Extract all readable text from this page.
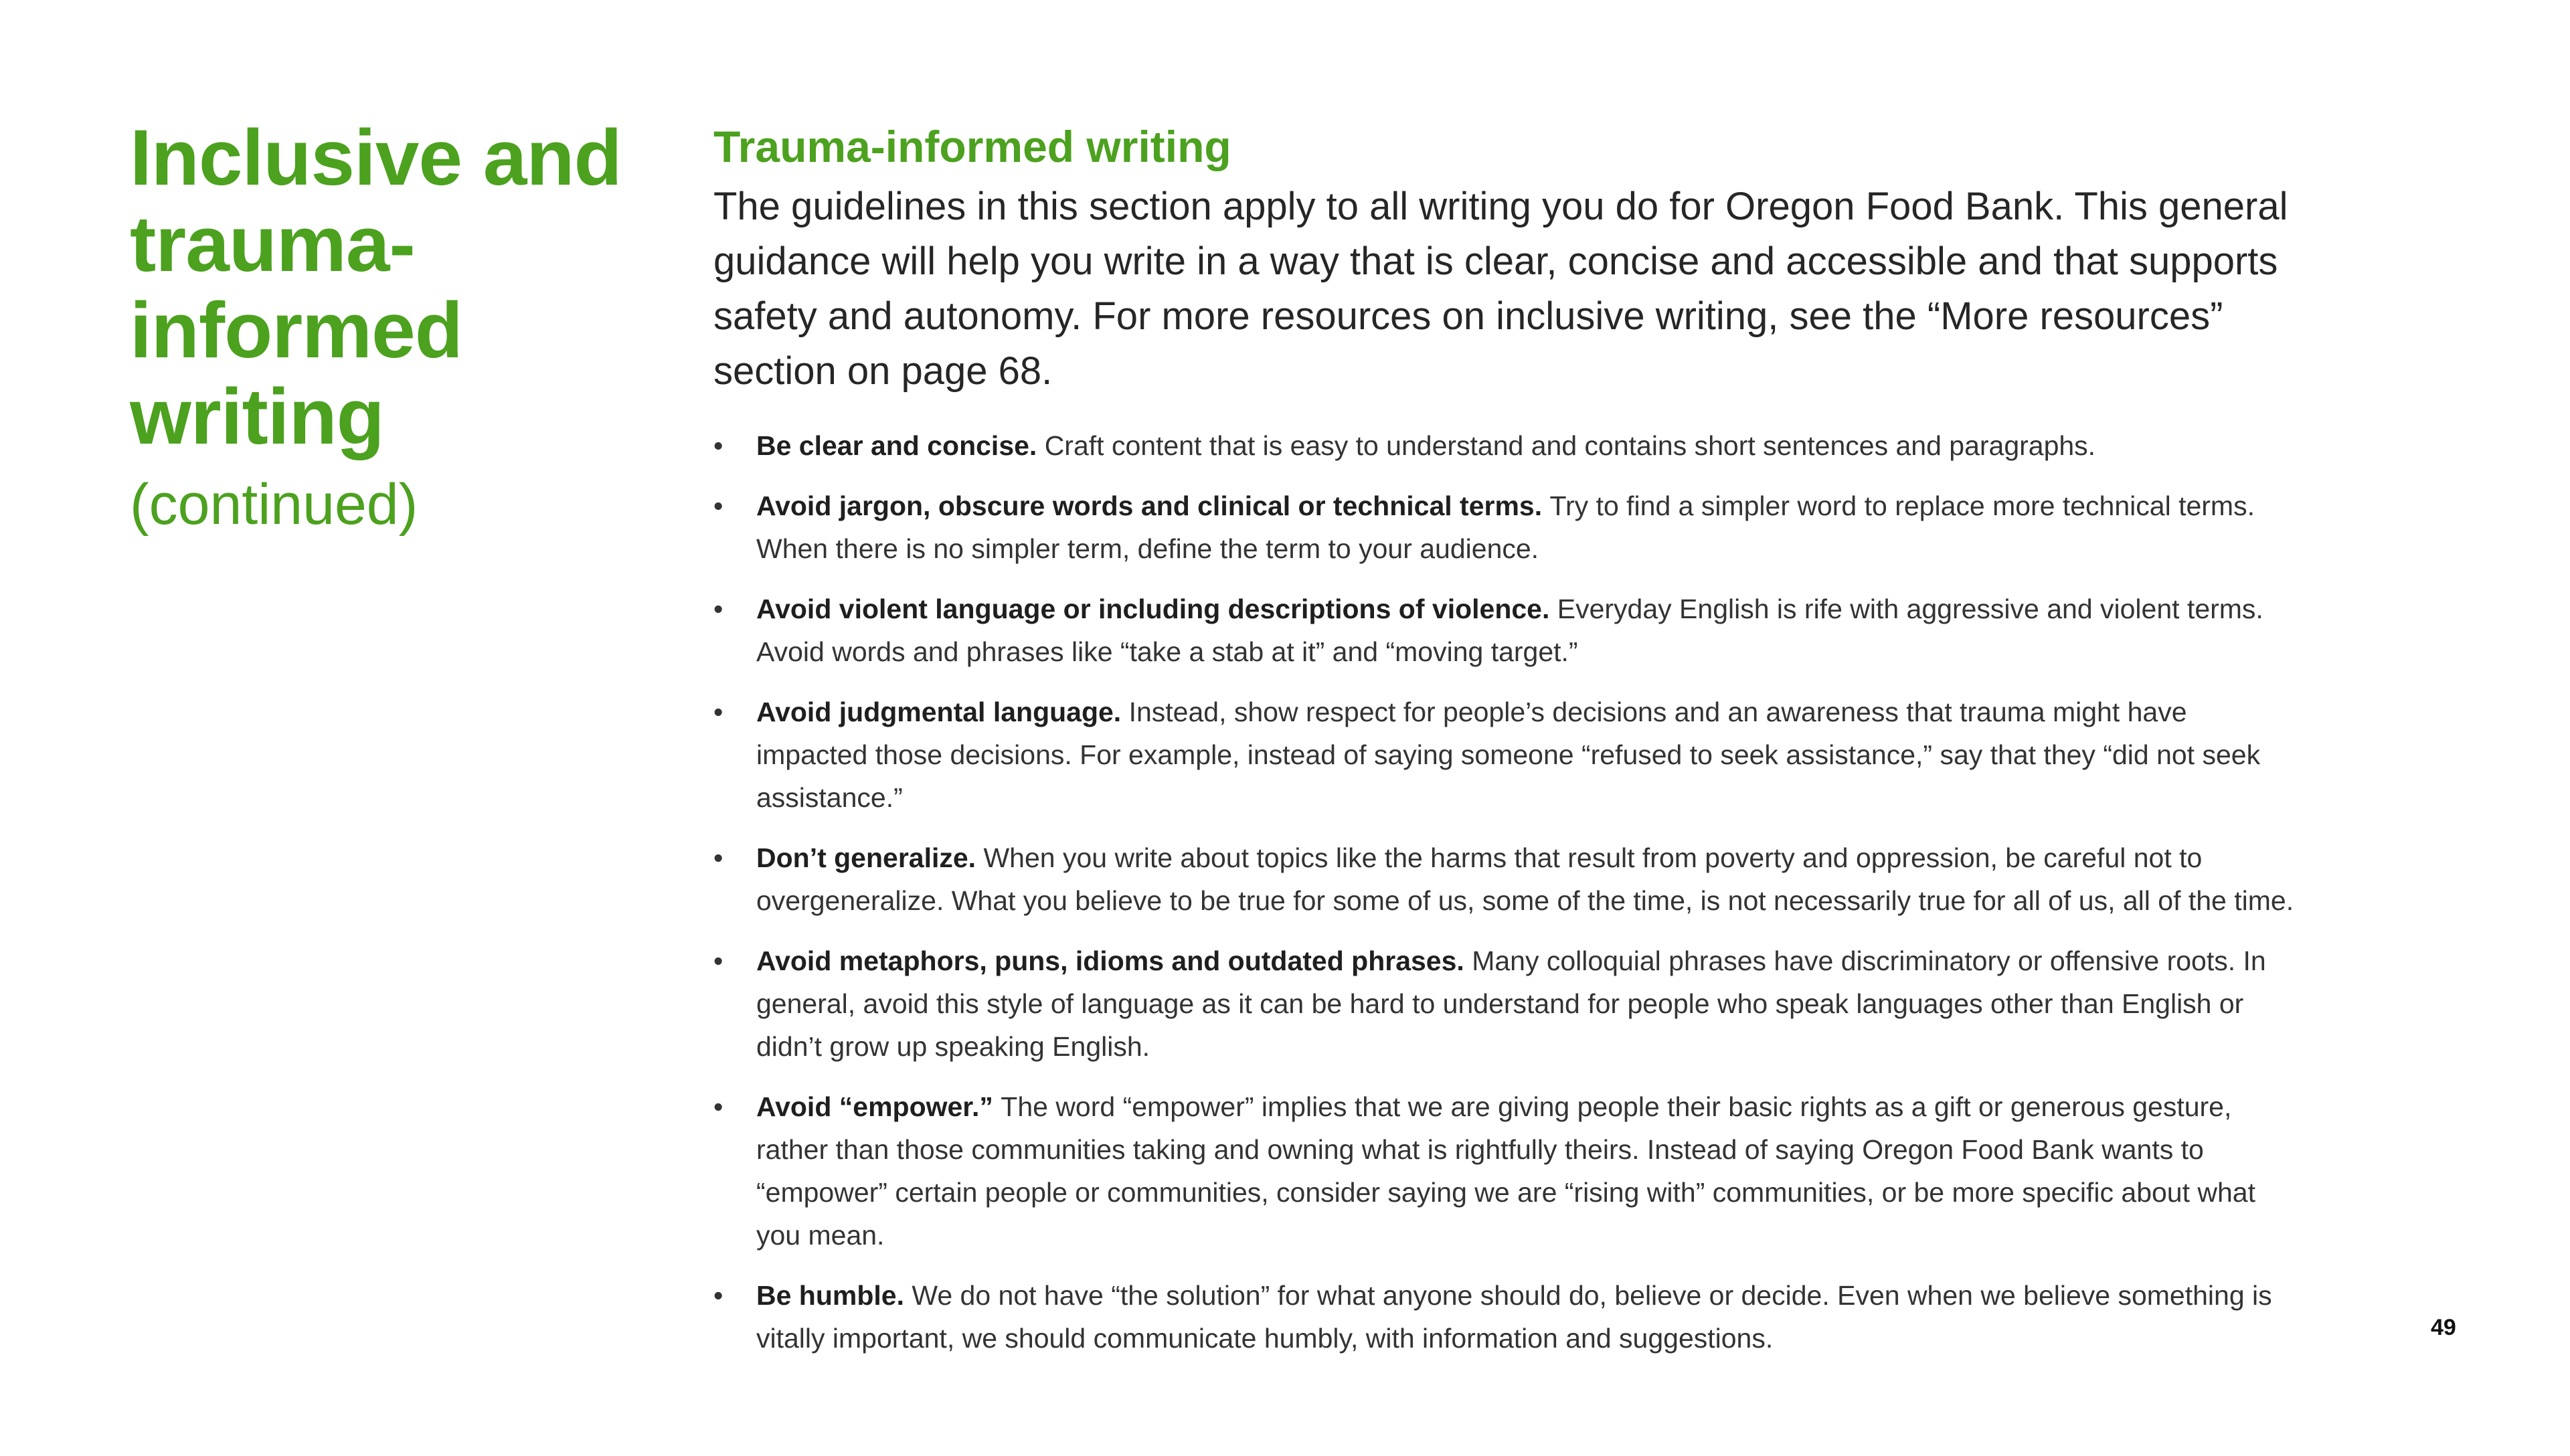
Inclusive and trauma-informed writing
(continued)
Trauma-informed writing

The guidelines in this section apply to all writing you do for Oregon Food Bank. This general guidance will help you write in a way that is clear, concise and accessible and that supports safety and autonomy. For more resources on inclusive writing, see the “More resources” section on page 68.

•	Be clear and concise. Craft content that is easy to understand and contains short sentences and paragraphs.
•	Avoid jargon, obscure words and clinical or technical terms. Try to find a simpler word to replace more technical terms. When there is no simpler term, define the term to your audience.
•	Avoid violent language or including descriptions of violence. Everyday English is rife with aggressive and violent terms. Avoid words and phrases like “take a stab at it” and “moving target.”
•	Avoid judgmental language. Instead, show respect for people’s decisions and an awareness that trauma might have impacted those decisions. For example, instead of saying someone “refused to seek assistance,” say that they “did not seek assistance.”
•	Don’t generalize. When you write about topics like the harms that result from poverty and oppression, be careful not to overgeneralize. What you believe to be true for some of us, some of the time, is not necessarily true for all of us, all of the time.
•	Avoid metaphors, puns, idioms and outdated phrases. Many colloquial phrases have discriminatory or offensive roots. In general, avoid this style of language as it can be hard to understand for people who speak languages other than English or didn’t grow up speaking English.
•	Avoid “empower.” The word “empower” implies that we are giving people their basic rights as a gift or generous gesture, rather than those communities taking and owning what is rightfully theirs. Instead of saying Oregon Food Bank wants to “empower” certain people or communities, consider saying we are “rising with” communities, or be more specific about what you mean.
•	Be humble. We do not have “the solution” for what anyone should do, believe or decide. Even when we believe something is vitally important, we should communicate humbly, with information and suggestions.	49
